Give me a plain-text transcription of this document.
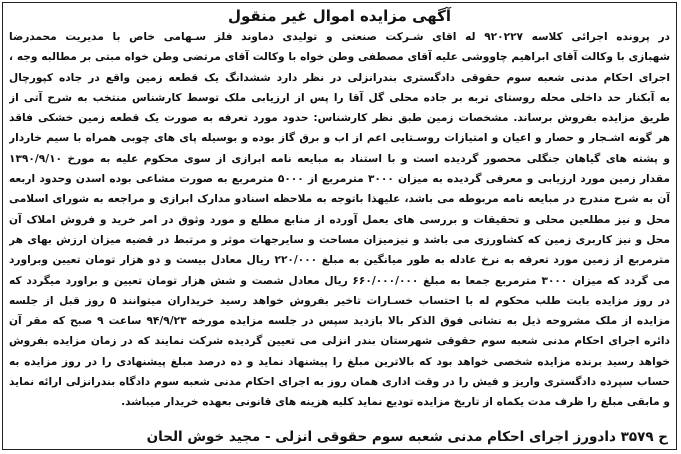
آگهی مزایده اموال غیر منقول
در پرونده اجرائی کلاسه ۹۲۰۲۲۷ له اقای شـرکت صنعتی و تولیدی دماوند فلز سـهامی خاص با مدیریت محمدرضا
شهبازی با وکالت آقای ابراهیم چاووشی علیه آقای مصطفی وطن خواه با وکالت آقای مرتضی وطن خواه مبتی بر مطالبه وجه ،
اجرای احکام مدنی شعبه سوم حقوقی دادگستری بندرانزلی در نظر دارد ششدانگ یک قطعه زمین واقع در جاده کپورچال
به آبکنار حد داخلی محله روستای تربه بر جاده محلی گل آقا را پس از ارزیابی ملک توسط کارشناس منتخب به شرح آتی از
طریق مزایده بفروش برساند. مشخصات زمین طبق نظر کارشناس: حدود مورد تعرفه به صورت یک قطعه زمین خشکی فاقد
هر گونه اشـجار و حصار و اعیان و امتیازات روسـتایی اعم از اب و برق گاز بوده و بوسیله پای های چوبی همراه با سیم خاردار
و پشته های گیاهان جنگلی محصور گردیده است و با استناد به مبایعه نامه ابرازی از سوی محکوم علیه به مورخ ۱۳۹۰/۹/۱۰
مقدار زمین مورد ارزیابی و معرفی گردیده به میزان ۳۰۰۰ مترمربع از ۵۰۰۰ مترمربع به صورت مشاعی بوده اسدن وحدود اربعه
آن به شرح مندرج در مبایعه نامه مربوطه می باشد، علیهذا باتوجه به ملاحظه اسنادو مدارک ابرازی و مراجعه به شورای اسلامی
محل و نیز مطلعین محلی و تحقیقات و بررسی های بعمل آورده از منابع مطلع و مورد وثوق در امر خرید و فروش املاک آن
محل و نیز کاربری زمین که کشاورزی می باشد و نیزمیزان مساحت و سایرجهات موثر و مرتبط در قضیه میزان ارزش بهای هر
مترمربع از زمین مورد تعرفه به نرخ عادله به طور میانگین به مبلغ ۲۲۰/۰۰۰ ریال معادل بیست و دو هزار تومان تعیین وبراورد
می گردد که میزان ۳۰۰۰ مترمربع جمعا به مبلغ ۶۶۰/۰۰۰/۰۰۰ ریال معادل شصت و شش هزار تومان تعیین و براورد میگردد که
در روز مزایده بابت طلب محکوم له با احتساب خسـارات تاخیر بفروش خواهد رسید خریداران میتوانند ۵ روز قبل از جلسه
مزایده از ملک مشروحه ذیل به نشانی فوق الذکر بالا بازدید سپس در جلسه مزایده مورخه ۹۴/۹/۲۳ ساعت ۹ صبح که مقر آن
دائره اجرای احکام مدنی شعبه سوم حقوقی شهرستان بندر انزلی می تعیین گردیده شرکت نمایند که در زمان مزایده بفروش
خواهد رسید برنده مزایده شخصی خواهد بود که بالاترین مبلغ را پیشنهاد نماید و ده درصد مبلغ پیشنهادی را در روز مزایده به
حساب سپرده دادگستری واریز و فیش را در وقت اداری همان روز به اجرای احکام مدنی شعبه سوم دادگاه بندرانزلی ارائه نماید
و مابقی مبلغ را ظرف مدت یکماه از تاریخ مزایده تودیع نماید کلیه هزینه های قانونی بعهده خریدار میباشد.
ح ۳۵۷۹ دادورز اجرای احکام مدنی شعبه سوم حقوقی انزلی - مجید خوش الحان
